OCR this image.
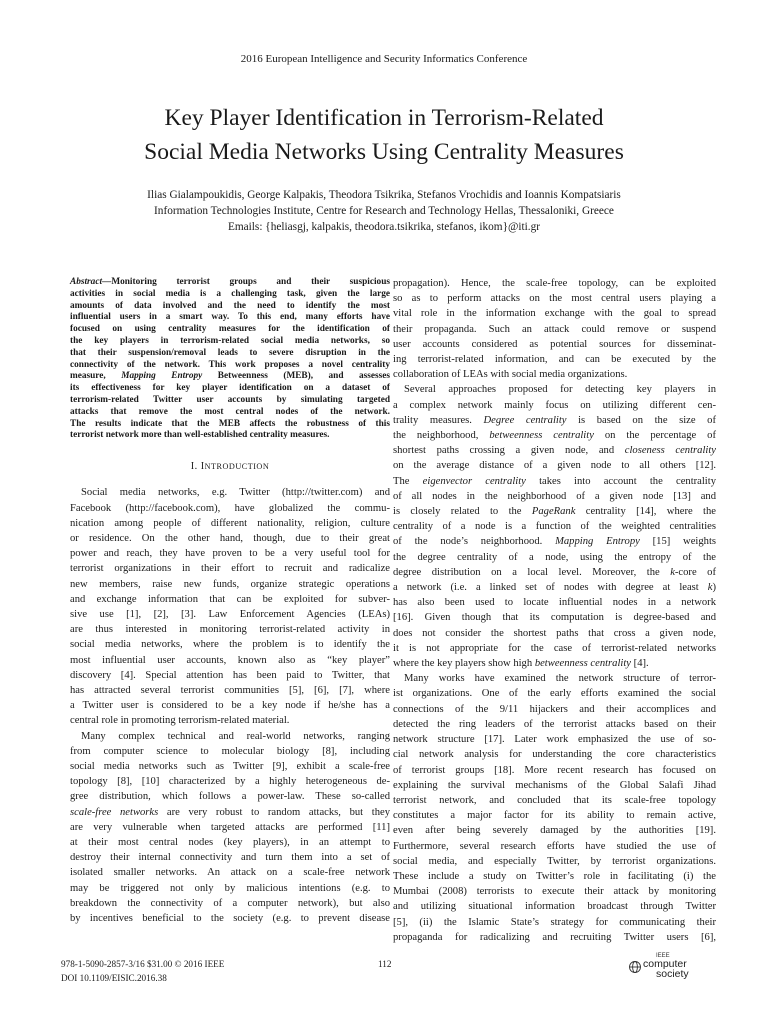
2016 European Intelligence and Security Informatics Conference
Key Player Identification in Terrorism-Related
Social Media Networks Using Centrality Measures
Ilias Gialampoukidis, George Kalpakis, Theodora Tsikrika, Stefanos Vrochidis and Ioannis Kompatsiaris
Information Technologies Institute, Centre for Research and Technology Hellas, Thessaloniki, Greece
Emails: {heliasgj, kalpakis, theodora.tsikrika, stefanos, ikom}@iti.gr
Abstract—Monitoring terrorist groups and their suspicious
activities in social media is a challenging task, given the large
amounts of data involved and the need to identify the most
influential users in a smart way. To this end, many efforts have
focused on using centrality measures for the identification of
the key players in terrorism-related social media networks, so
that their suspension/removal leads to severe disruption in the
connectivity of the network. This work proposes a novel centrality
measure, Mapping Entropy Betweenness (MEB), and assesses
its effectiveness for key player identification on a dataset of
terrorism-related Twitter user accounts by simulating targeted
attacks that remove the most central nodes of the network.
The results indicate that the MEB affects the robustness of this
terrorist network more than well-established centrality measures.
I. INTRODUCTION
Social media networks, e.g. Twitter (http://twitter.com) and
Facebook (http://facebook.com), have globalized the commu-
nication among people of different nationality, religion, culture
or residence. On the other hand, though, due to their great
power and reach, they have proven to be a very useful tool for
terrorist organizations in their effort to recruit and radicalize
new members, raise new funds, organize strategic operations
and exchange information that can be exploited for subver-
sive use [1], [2], [3]. Law Enforcement Agencies (LEAs)
are thus interested in monitoring terrorist-related activity in
social media networks, where the problem is to identify the
most influential user accounts, known also as “key player”
discovery [4]. Special attention has been paid to Twitter, that
has attracted several terrorist communities [5], [6], [7], where
a Twitter user is considered to be a key node if he/she has a
central role in promoting terrorism-related material.
Many complex technical and real-world networks, ranging
from computer science to molecular biology [8], including
social media networks such as Twitter [9], exhibit a scale-free
topology [8], [10] characterized by a highly heterogeneous de-
gree distribution, which follows a power-law. These so-called
scale-free networks are very robust to random attacks, but they
are very vulnerable when targeted attacks are performed [11]
at their most central nodes (key players), in an attempt to
destroy their internal connectivity and turn them into a set of
isolated smaller networks. An attack on a scale-free network
may be triggered not only by malicious intentions (e.g. to
breakdown the connectivity of a computer network), but also
by incentives beneficial to the society (e.g. to prevent disease
propagation). Hence, the scale-free topology, can be exploited
so as to perform attacks on the most central users playing a
vital role in the information exchange with the goal to spread
their propaganda. Such an attack could remove or suspend
user accounts considered as potential sources for disseminat-
ing terrorist-related information, and can be executed by the
collaboration of LEAs with social media organizations.
Several approaches proposed for detecting key players in
a complex network mainly focus on utilizing different cen-
trality measures. Degree centrality is based on the size of
the neighborhood, betweenness centrality on the percentage of
shortest paths crossing a given node, and closeness centrality
on the average distance of a given node to all others [12].
The eigenvector centrality takes into account the centrality
of all nodes in the neighborhood of a given node [13] and
is closely related to the PageRank centrality [14], where the
centrality of a node is a function of the weighted centralities
of the node’s neighborhood. Mapping Entropy [15] weights
the degree centrality of a node, using the entropy of the
degree distribution on a local level. Moreover, the k-core of
a network (i.e. a linked set of nodes with degree at least k)
has also been used to locate influential nodes in a network
[16]. Given though that its computation is degree-based and
does not consider the shortest paths that cross a given node,
it is not appropriate for the case of terrorist-related networks
where the key players show high betweenness centrality [4].
Many works have examined the network structure of terror-
ist organizations. One of the early efforts examined the social
connections of the 9/11 hijackers and their accomplices and
detected the ring leaders of the terrorist attacks based on their
network structure [17]. Later work emphasized the use of so-
cial network analysis for understanding the core characteristics
of terrorist groups [18]. More recent research has focused on
explaining the survival mechanisms of the Global Salafi Jihad
terrorist network, and concluded that its scale-free topology
constitutes a major factor for its ability to remain active,
even after being severely damaged by the authorities [19].
Furthermore, several research efforts have studied the use of
social media, and especially Twitter, by terrorist organizations.
These include a study on Twitter’s role in facilitating (i) the
Mumbai (2008) terrorists to execute their attack by monitoring
and utilizing situational information broadcast through Twitter
[5], (ii) the Islamic State’s strategy for communicating their
propaganda for radicalizing and recruiting Twitter users [6],
978-1-5090-2857-3/16 $31.00 © 2016 IEEE
DOI 10.1109/EISIC.2016.38
112
IEEE
computer
society
